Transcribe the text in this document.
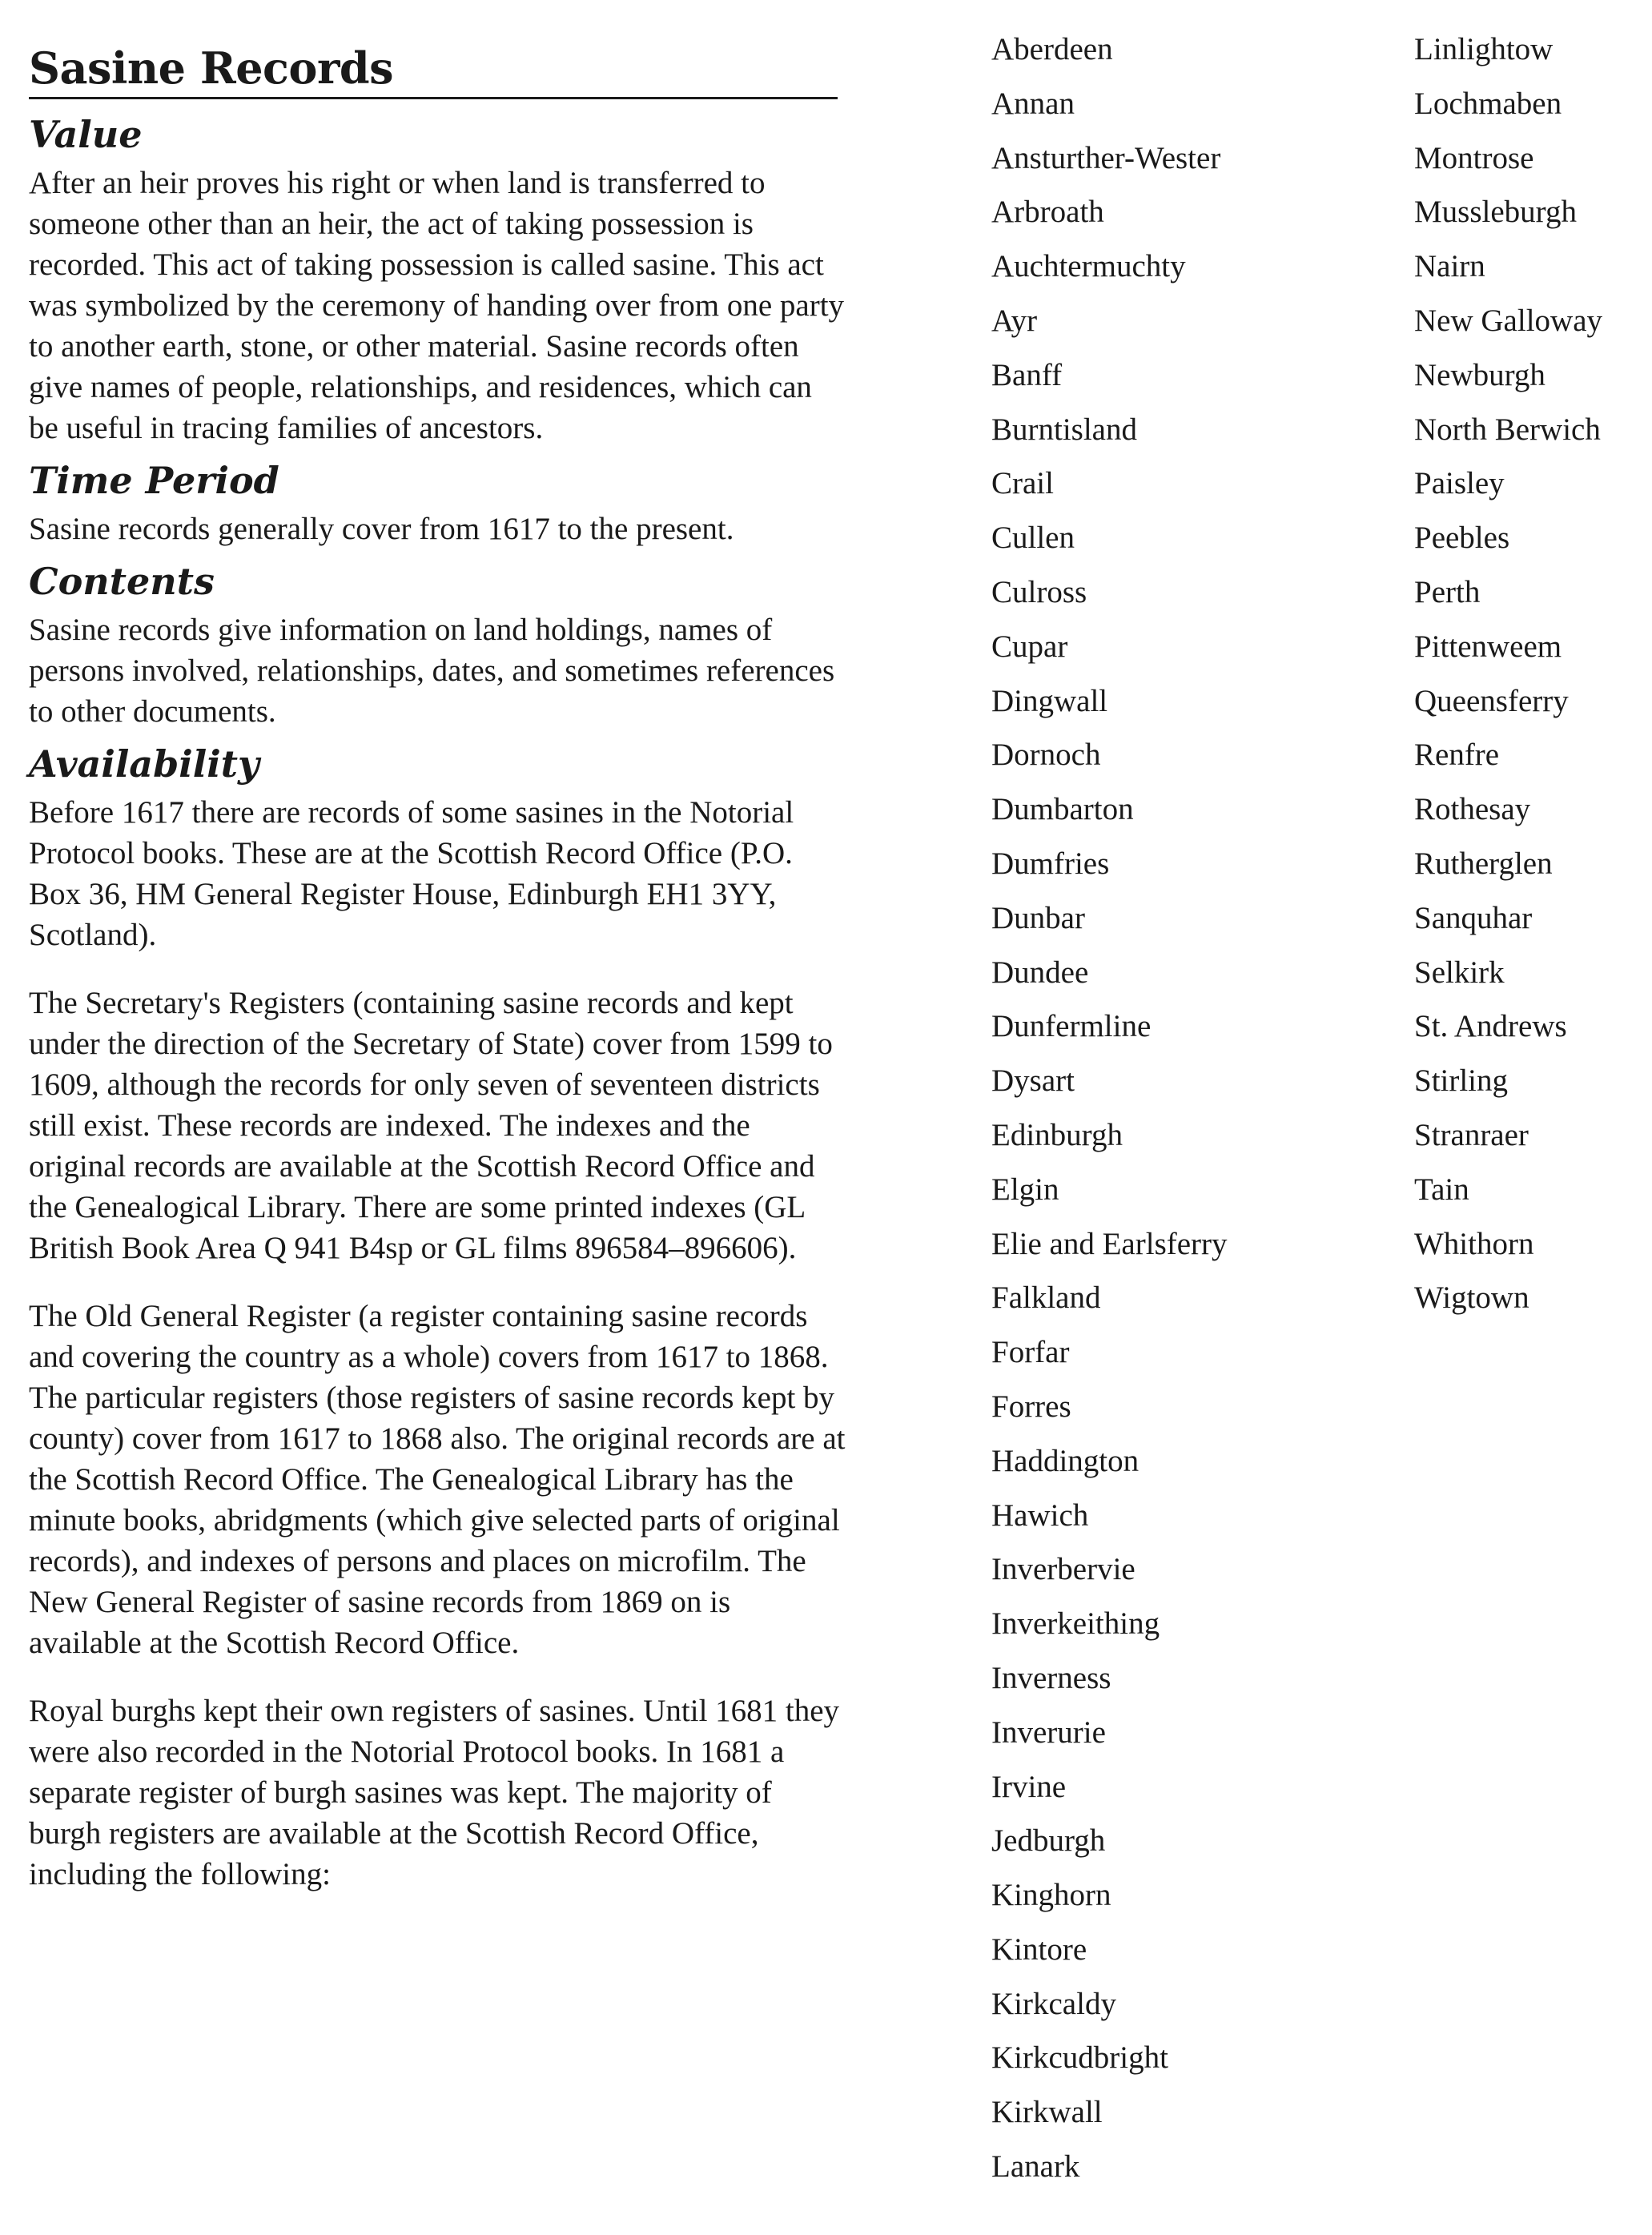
Sasine Records
Value

After an heir proves his right or when land is transferred to someone other than an heir, the act of taking possession is recorded. This act of taking possession is called sasine. This act was symbolized by the ceremony of handing over from one party to another earth, stone, or other material. Sasine records often give names of people, relationships, and residences, which can be useful in tracing families of ancestors.

Time Period

Sasine records generally cover from 1617 to the present.

Contents

Sasine records give information on land holdings, names of persons involved, relationships, dates, and sometimes references to other documents.

Availability

Before 1617 there are records of some sasines in the Notorial Protocol books. These are at the Scottish Record Office (P.O. Box 36, HM General Register House, Edinburgh EH1 3YY, Scotland).

The Secretary's Registers (containing sasine records and kept under the direction of the Secretary of State) cover from 1599 to 1609, although the records for only seven of seventeen districts still exist. These records are indexed. The indexes and the original records are available at the Scottish Record Office and the Genealogical Library. There are some printed indexes (GL British Book Area Q 941 B4sp or GL films 896584–896606).

The Old General Register (a register containing sasine records and covering the country as a whole) covers from 1617 to 1868. The particular registers (those registers of sasine records kept by county) cover from 1617 to 1868 also. The original records are at the Scottish Record Office. The Genealogical Library has the minute books, abridgments (which give selected parts of original records), and indexes of persons and places on microfilm. The New General Register of sasine records from 1869 on is available at the Scottish Record Office.

Royal burghs kept their own registers of sasines. Until 1681 they were also recorded in the Notorial Protocol books. In 1681 a separate register of burgh sasines was kept. The majority of burgh registers are available at the Scottish Record Office, including the following:

Aberdeen
Annan
Ansturther-Wester
Arbroath
Auchtermuchty
Ayr
Banff
Burntisland
Crail
Cullen
Culross
Cupar
Dingwall
Dornoch
Dumbarton
Dumfries
Dunbar
Dundee
Dunfermline
Dysart
Edinburgh
Elgin
Elie and Earlsferry
Falkland
Forfar
Forres
Haddington
Hawich
Inverbervie
Inverkeithing
Inverness
Inverurie
Irvine
Jedburgh
Kinghorn
Kintore
Kirkcaldy
Kirkcudbright
Kirkwall
Lanark
Linlightow
Lochmaben
Montrose
Mussleburgh
Nairn
New Galloway
Newburgh
North Berwich
Paisley
Peebles
Perth
Pittenweem
Queensferry
Renfre
Rothesay
Rutherglen
Sanquhar
Selkirk
St. Andrews
Stirling
Stranraer
Tain
Whithorn
Wigtown
